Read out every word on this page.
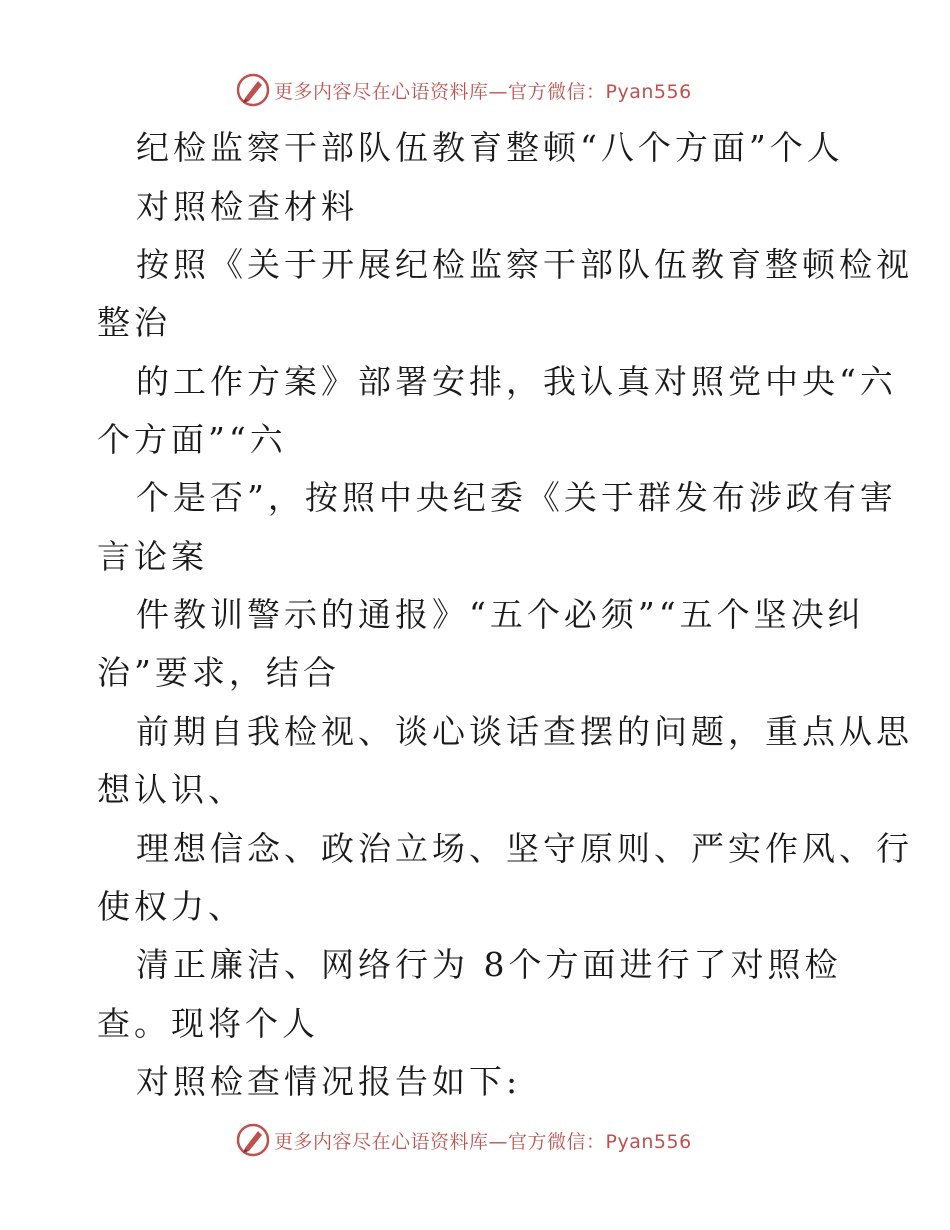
更多内容尽在心语资料库—官方微信：Pyan556
纪检监察干部队伍教育整顿“八个方面”个人
对照检查材料
按照《关于开展纪检监察干部队伍教育整顿检视
整治
的工作方案》部署安排，我认真对照党中央“六
个方面”“六
个是否”，按照中央纪委《关于群发布涉政有害
言论案
件教训警示的通报》“五个必须”“五个坚决纠
治”要求，结合
前期自我检视、谈心谈话查摆的问题，重点从思
想认识、
理想信念、政治立场、坚守原则、严实作风、行
使权力、
清正廉洁、网络行为 8个方面进行了对照检
查。现将个人
对照检查情况报告如下:
更多内容尽在心语资料库—官方微信：Pyan556
